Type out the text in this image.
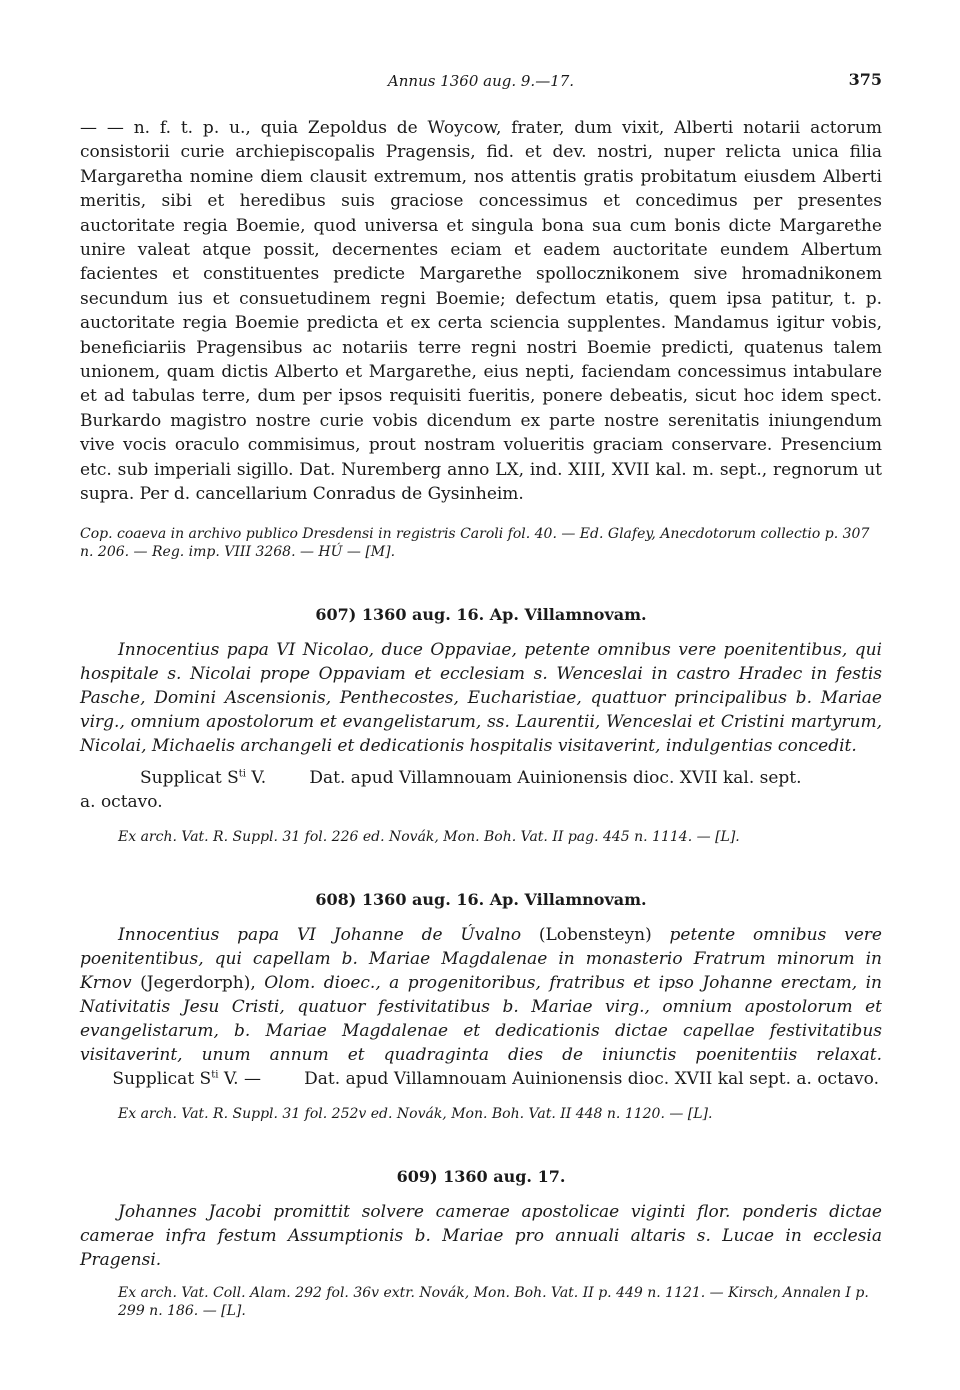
Annus 1360 aug. 9.—17.	375

— — n. f. t. p. u., quia Zepoldus de Woycow, frater, dum vixit, Alberti notarii actorum consistorii curie archiepiscopalis Pragensis, fid. et dev. nostri, nuper relicta unica filia Margaretha nomine diem clausit extremum, nos attentis gratis probitatum eiusdem Alberti meritis, sibi et heredibus suis graciose concessimus et concedimus per presentes auctoritate regia Boemie, quod universa et singula bona sua cum bonis dicte Margarethe unire valeat atque possit, decernentes eciam et eadem auctoritate eundem Albertum facientes et constituentes predicte Margarethe spollocznikonem sive hromadnikonem secundum ius et consuetudinem regni Boemie; defectum etatis, quem ipsa patitur, t. p. auctoritate regia Boemie predicta et ex certa sciencia supplentes. Mandamus igitur vobis, beneficiariis Pragensibus ac notariis terre regni nostri Boemie predicti, quatenus talem unionem, quam dictis Alberto et Margarethe, eius nepti, faciendam concessimus intabulare et ad tabulas terre, dum per ipsos requisiti fueritis, ponere debeatis, sicut hoc idem spect. Burkardo magistro nostre curie vobis dicendum ex parte nostre serenitatis iniungendum vive vocis oraculo commisimus, prout nostram volueritis graciam conservare. Presencium etc. sub imperiali sigillo. Dat. Nuremberg anno LX, ind. XIII, XVII kal. m. sept., regnorum ut supra. Per d. cancellarium Conradus de Gysinheim.

Cop. coaeva in archivo publico Dresdensi in registris Caroli fol. 40. — Ed. Glafey, Anecdotorum collectio p. 307 n. 206. — Reg. imp. VIII 3268. — HÚ — [M].

607) 1360 aug. 16. Ap. Villamnovam.

Innocentius papa VI Nicolao, duce Oppaviae, petente omnibus vere poenitentibus, qui hospitale s. Nicolai prope Oppaviam et ecclesiam s. Wenceslai in castro Hradec in festis Pasche, Domini Ascensionis, Penthecostes, Eucharistiae, quattuor principalibus b. Mariae virg., omnium apostolorum et evangelistarum, ss. Laurentii, Wenceslai et Cristini martyrum, Nicolai, Michaelis archangeli et dedicationis hospitalis visitaverint, indulgentias concedit.

Supplicat $S^{ti}$ V.        Dat. apud Villamnouam Auinionensis dioc. XVII kal. sept.

a. octavo.

Ex arch. Vat. R. Suppl. 31 fol. 226 ed. Novák, Mon. Boh. Vat. II pag. 445 n. 1114. — [L].

608) 1360 aug. 16. Ap. Villamnovam.

Innocentius papa VI Johanne de Úvalno (Lobensteyn) petente omnibus vere poenitentibus, qui capellam b. Mariae Magdalenae in monasterio Fratrum minorum in Krnov (Jegerdorph), Olom. dioec., a progenitoribus, fratribus et ipso Johanne erectam, in Nativitatis Jesu Cristi, quatuor festivitatibus b. Mariae virg., omnium apostolorum et evangelistarum, b. Mariae Magdalenae et dedicationis dictae capellae festivitatibus visitaverint, unum annum et quadraginta dies de iniunctis poenitentiis relaxat.      Supplicat $S^{ti}$ V. —        Dat. apud Villamnouam Auinionensis dioc. XVII kal sept. a. octavo.

Ex arch. Vat. R. Suppl. 31 fol. 252v ed. Novák, Mon. Boh. Vat. II 448 n. 1120. — [L].

609) 1360 aug. 17.

Johannes Jacobi promittit solvere camerae apostolicae viginti flor. ponderis dictae camerae infra festum Assumptionis b. Mariae pro annuali altaris s. Lucae in ecclesia Pragensi.

Ex arch. Vat. Coll. Alam. 292 fol. 36v extr. Novák, Mon. Boh. Vat. II p. 449 n. 1121. — Kirsch, Annalen I p. 299 n. 186. — [L].
